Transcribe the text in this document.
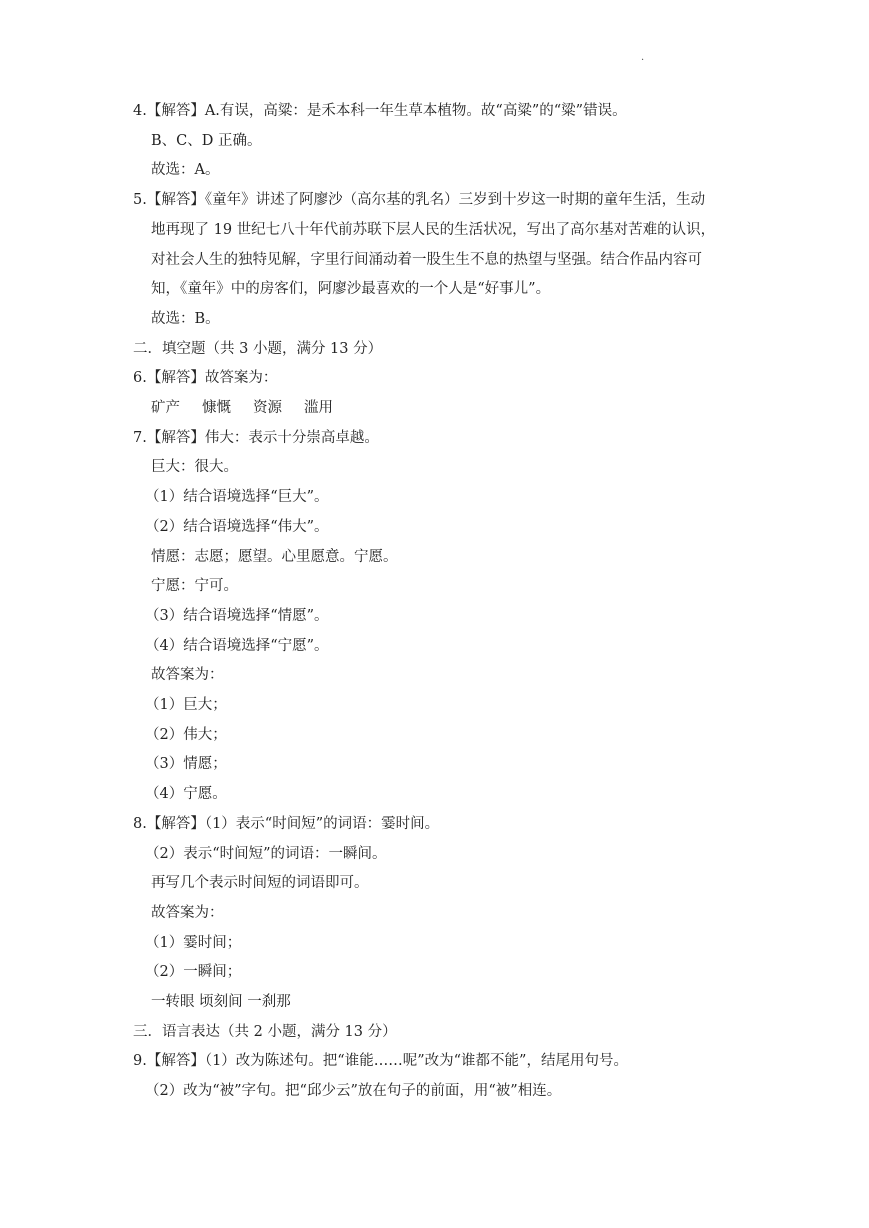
·
4.【解答】A.有误，高粱：是禾本科一年生草本植物。故“高粱”的“粱”错误。
B、C、D 正确。
故选：A。
5.【解答】《童年》讲述了阿廖沙（高尔基的乳名）三岁到十岁这一时期的童年生活，生动
地再现了 19 世纪七八十年代前苏联下层人民的生活状况，写出了高尔基对苦难的认识，
对社会人生的独特见解，字里行间涌动着一股生生不息的热望与坚强。结合作品内容可
知，《童年》中的房客们，阿廖沙最喜欢的一个人是“好事儿”。
故选：B。
二．填空题（共 3 小题，满分 13 分）
6.【解答】故答案为：
矿产 慷慨 资源 滥用
7.【解答】伟大：表示十分崇高卓越。
巨大：很大。
（1）结合语境选择“巨大”。
（2）结合语境选择“伟大”。
情愿：志愿；愿望。心里愿意。宁愿。
宁愿：宁可。
（3）结合语境选择“情愿”。
（4）结合语境选择“宁愿”。
故答案为：
（1）巨大；
（2）伟大；
（3）情愿；
（4）宁愿。
8.【解答】（1）表示“时间短”的词语：霎时间。
（2）表示“时间短”的词语：一瞬间。
再写几个表示时间短的词语即可。
故答案为：
（1）霎时间；
（2）一瞬间；
一转眼 顷刻间 一刹那
三．语言表达（共 2 小题，满分 13 分）
9.【解答】（1）改为陈述句。把“谁能……呢”改为“谁都不能”，结尾用句号。
（2）改为“被”字句。把“邱少云”放在句子的前面，用“被”相连。
